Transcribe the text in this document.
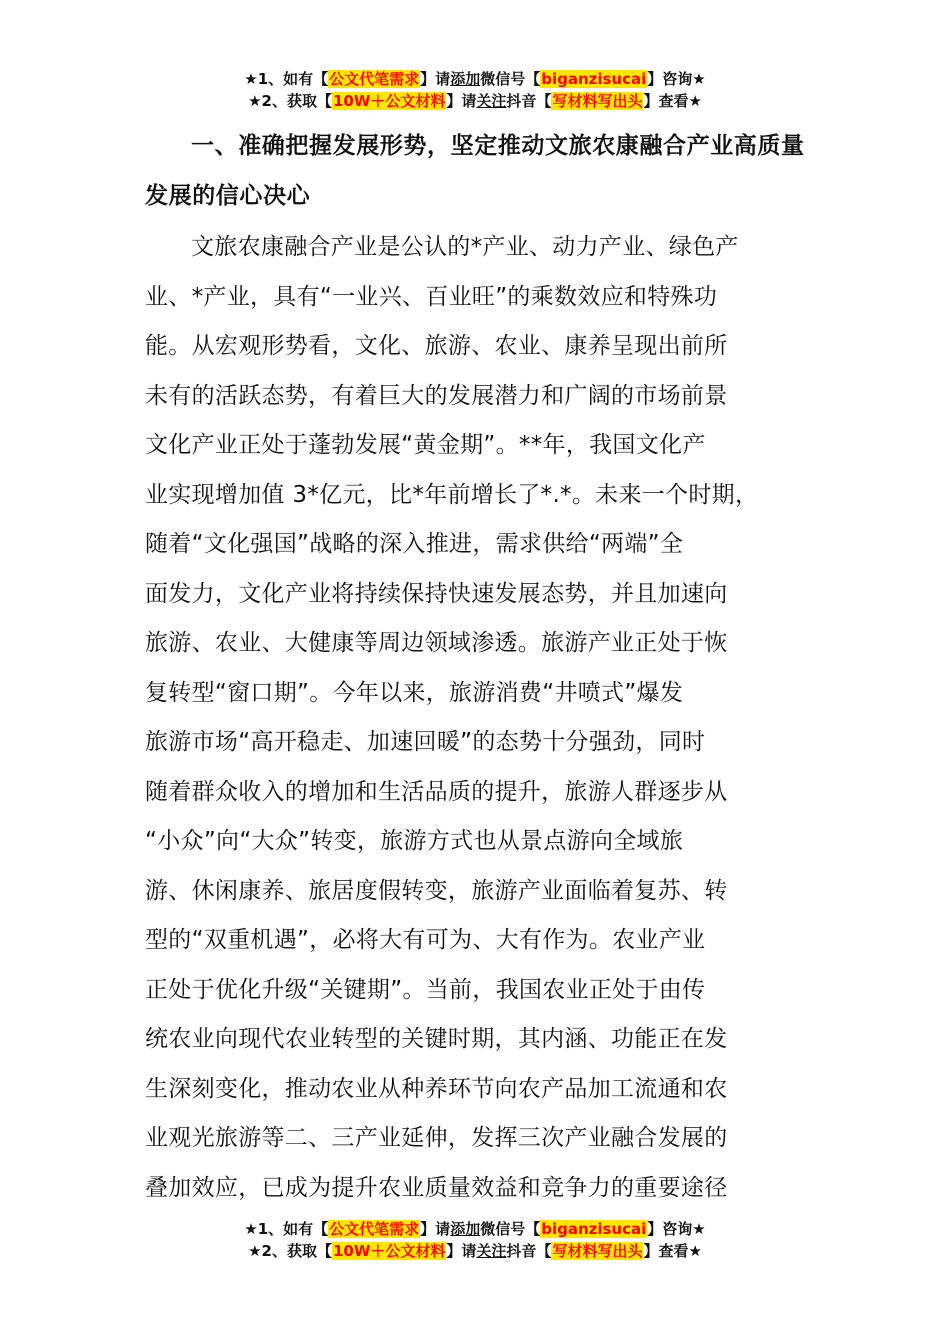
★1、如有【公文代笔需求】请添加微信号【biganzisucai】咨询★
★2、获取【10W＋公文材料】请关注抖音【写材料写出头】查看★
一、准确把握发展形势，坚定推动文旅农康融合产业高质量发展的信心决心
文旅农康融合产业是公认的*产业、动力产业、绿色产
业、*产业，具有“一业兴、百业旺”的乘数效应和特殊功
能。从宏观形势看，文化、旅游、农业、康养呈现出前所
未有的活跃态势，有着巨大的发展潜力和广阔的市场前景
文化产业正处于蓬勃发展“黄金期”。**年，我国文化产
业实现增加值 3*亿元，比*年前增长了*.*。未来一个时期，
随着“文化强国”战略的深入推进，需求供给“两端”全
面发力，文化产业将持续保持快速发展态势，并且加速向
旅游、农业、大健康等周边领域渗透。旅游产业正处于恢
复转型“窗口期”。今年以来，旅游消费“井喷式”爆发
旅游市场“高开稳走、加速回暖”的态势十分强劲，同时
随着群众收入的增加和生活品质的提升，旅游人群逐步从
“小众”向“大众”转变，旅游方式也从景点游向全域旅
游、休闲康养、旅居度假转变，旅游产业面临着复苏、转
型的“双重机遇”，必将大有可为、大有作为。农业产业
正处于优化升级“关键期”。当前，我国农业正处于由传
统农业向现代农业转型的关键时期，其内涵、功能正在发
生深刻变化，推动农业从种养环节向农产品加工流通和农
业观光旅游等二、三产业延伸，发挥三次产业融合发展的
叠加效应，已成为提升农业质量效益和竞争力的重要途径
★1、如有【公文代笔需求】请添加微信号【biganzisucai】咨询★
★2、获取【10W＋公文材料】请关注抖音【写材料写出头】查看★
